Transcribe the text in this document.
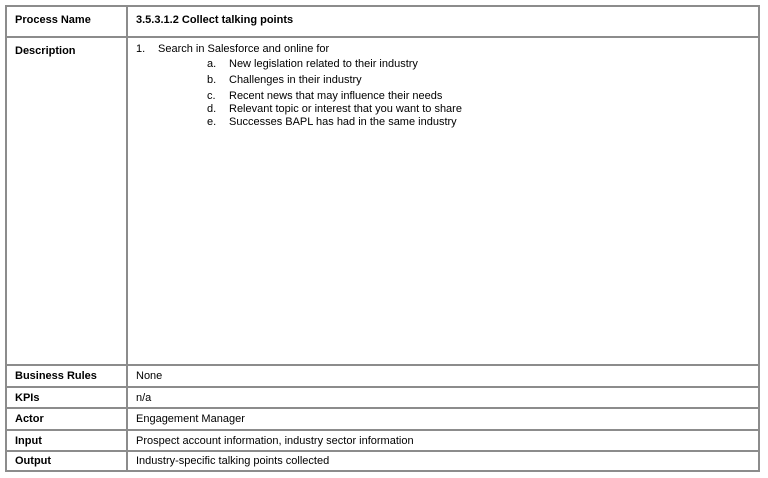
Process Name	3.5.3.1.2 Collect talking points
Description	1. Search in Salesforce and online for
a. New legislation related to their industry
b. Challenges in their industry
c. Recent news that may influence their needs
d. Relevant topic or interest that you want to share
e. Successes BAPL has had in the same industry
Business Rules	None
KPIs	n/a
Actor	Engagement Manager
Input	Prospect account information, industry sector information
Output	Industry-specific talking points collected
